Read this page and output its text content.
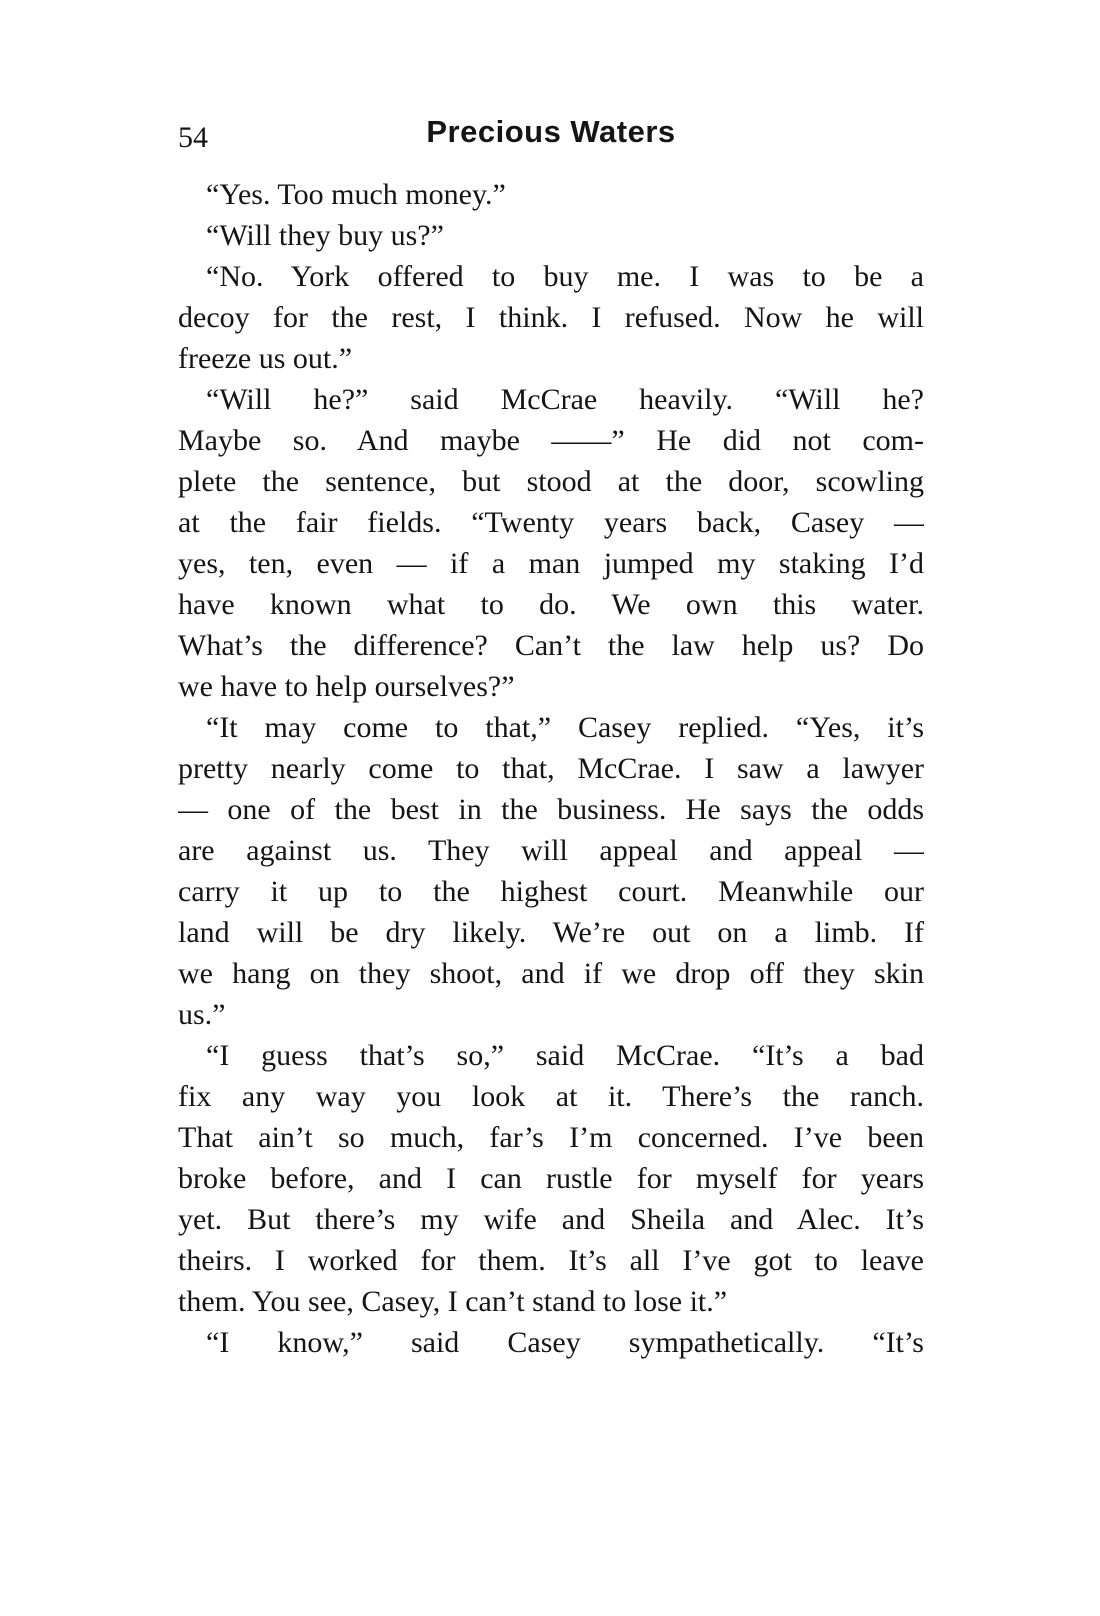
54	Precious Waters
“Yes. Too much money.”
“Will they buy us?”
“No. York offered to buy me. I was to be a
decoy for the rest, I think. I refused. Now he will
freeze us out.”
“Will he?” said McCrae heavily. “Will he?
Maybe so. And maybe ——” He did not com-
plete the sentence, but stood at the door, scowling
at the fair fields. “Twenty years back, Casey —
yes, ten, even — if a man jumped my staking I’d
have known what to do. We own this water.
What’s the difference? Can’t the law help us? Do
we have to help ourselves?”
“It may come to that,” Casey replied. “Yes, it’s
pretty nearly come to that, McCrae. I saw a lawyer
— one of the best in the business. He says the odds
are against us. They will appeal and appeal —
carry it up to the highest court. Meanwhile our
land will be dry likely. We’re out on a limb. If
we hang on they shoot, and if we drop off they skin
us.”
“I guess that’s so,” said McCrae. “It’s a bad
fix any way you look at it. There’s the ranch.
That ain’t so much, far’s I’m concerned. I’ve been
broke before, and I can rustle for myself for years
yet. But there’s my wife and Sheila and Alec. It’s
theirs. I worked for them. It’s all I’ve got to leave
them. You see, Casey, I can’t stand to lose it.”
“I know,” said Casey sympathetically. “It’s
